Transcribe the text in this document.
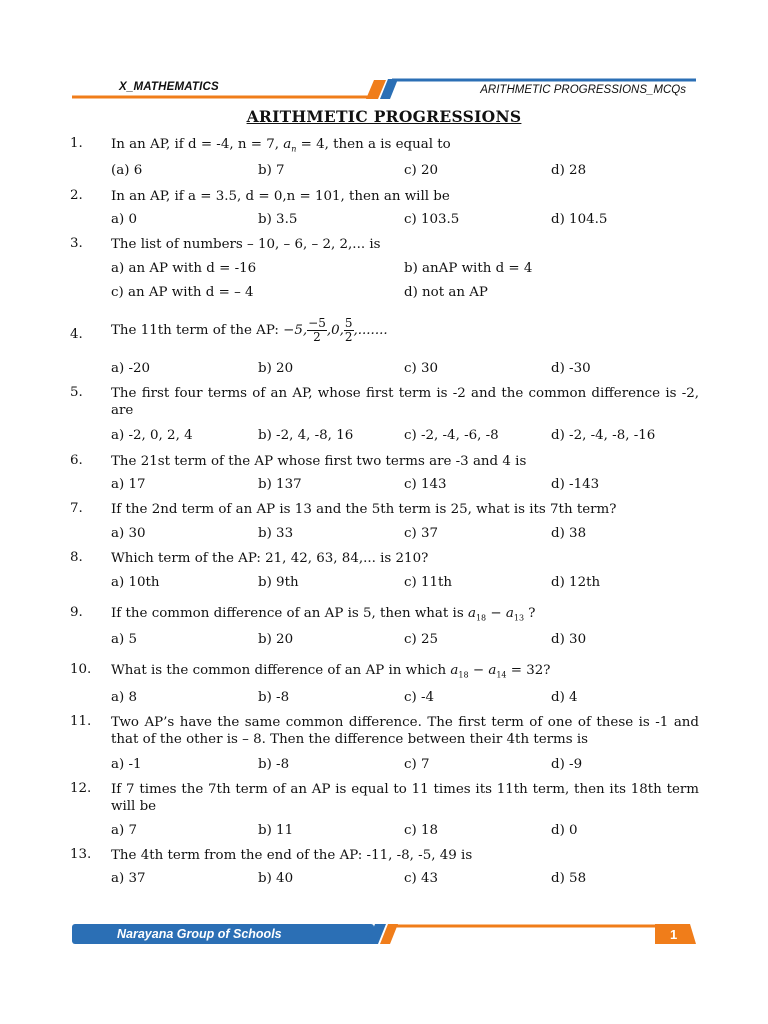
X_MATHEMATICS	ARITHMETIC PROGRESSIONS_MCQs
ARITHMETIC PROGRESSIONS
1. In an AP, if d = -4, n = 7, $a_n = 4$, then a is equal to
(a) 6	b) 7	c) 20	d) 28
2. In an AP, if a = 3.5, d = 0,n = 101, then an will be
a) 0	b) 3.5	c) 103.5	d) 104.5
3. The list of numbers – 10, – 6, – 2, 2,... is
a) an AP with d = -16	b) anAP with d = 4
c) an AP with d = – 4	d) not an AP
4. The 11th term of the AP: −5, $\frac{-5}{2} ,0$, $\frac{5}{2}$ ,.......
a) -20	b) 20	c) 30	d) -30
5. The first four terms of an AP, whose first term is -2 and the common difference is -2, are
a) -2, 0, 2, 4	b) -2, 4, -8, 16	c) -2, -4, -6, -8	d) -2, -4, -8, -16
6. The 21st term of the AP whose first two terms are -3 and 4 is
a) 17	b) 137	c) 143	d) -143
7. If the 2nd term of an AP is 13 and the 5th term is 25, what is its 7th term?
a) 30	b) 33	c) 37	d) 38
8. Which term of the AP: 21, 42, 63, 84,... is 210?
a) 10th	b) 9th	c) 11th	d) 12th
9. If the common difference of an AP is 5, then what is $a_{18} - a_{13}$ ?
a) 5	b) 20	c) 25	d) 30
10. What is the common difference of an AP in which $a_{18} - a_{14} = 32$?
a) 8	b) -8	c) -4	d) 4
11. Two AP’s have the same common difference. The first term of one of these is -1 and that of the other is – 8. Then the difference between their 4th terms is
a) -1	b) -8	c) 7	d) -9
12. If 7 times the 7th term of an AP is equal to 11 times its 11th term, then its 18th term will be
a) 7	b) 11	c) 18	d) 0
13. The 4th term from the end of the AP: -11, -8, -5, 49 is
a) 37	b) 40	c) 43	d) 58
Narayana Group of Schools	1
